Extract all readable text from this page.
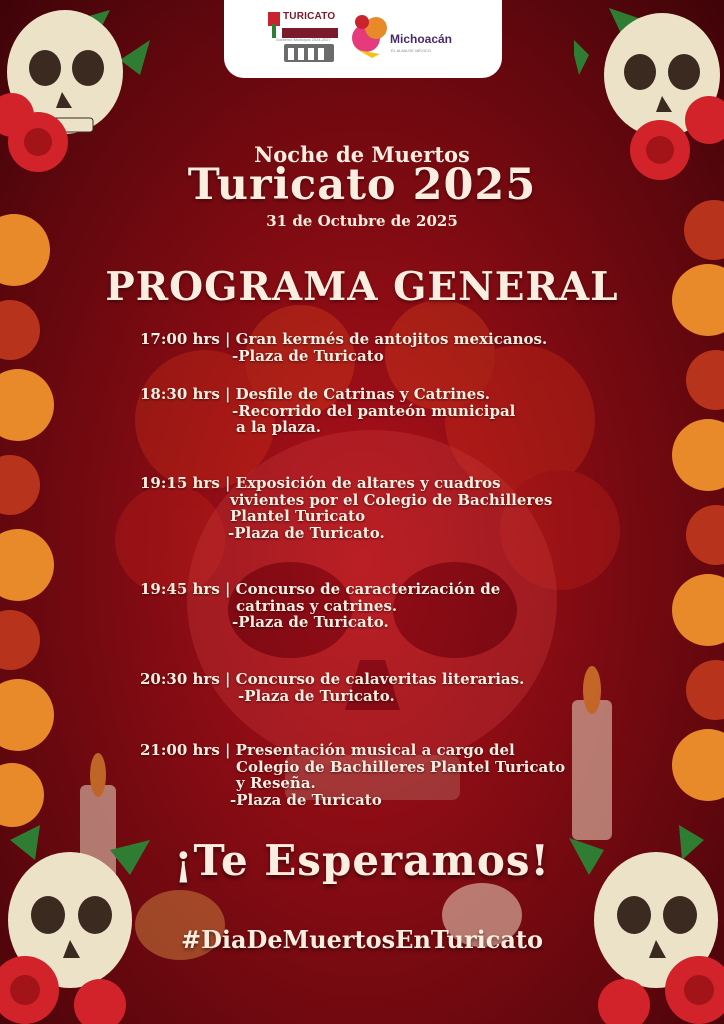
TURICATO
Gobierno Municipal 2024-2027	Michoacán
EL ALMA DE MÉXICO
Noche de Muertos
Turicato 2025
31 de Octubre de 2025
PROGRAMA GENERAL
17:00 hrs | Gran kermés de antojitos mexicanos.
-Plaza de Turicato
18:30 hrs | Desfile de Catrinas y Catrines.
-Recorrido del panteón municipal
a la plaza.
19:15 hrs | Exposición de altares y cuadros
vivientes por el Colegio de Bachilleres
Plantel Turicato
-Plaza de Turicato.
19:45 hrs | Concurso de caracterización de
catrinas y catrines.
-Plaza de Turicato.
20:30 hrs | Concurso de calaveritas literarias.
-Plaza de Turicato.
21:00 hrs | Presentación musical a cargo del
Colegio de Bachilleres Plantel Turicato
y Reseña.
-Plaza de Turicato
¡Te Esperamos!
#DiaDeMuertosEnTuricato
